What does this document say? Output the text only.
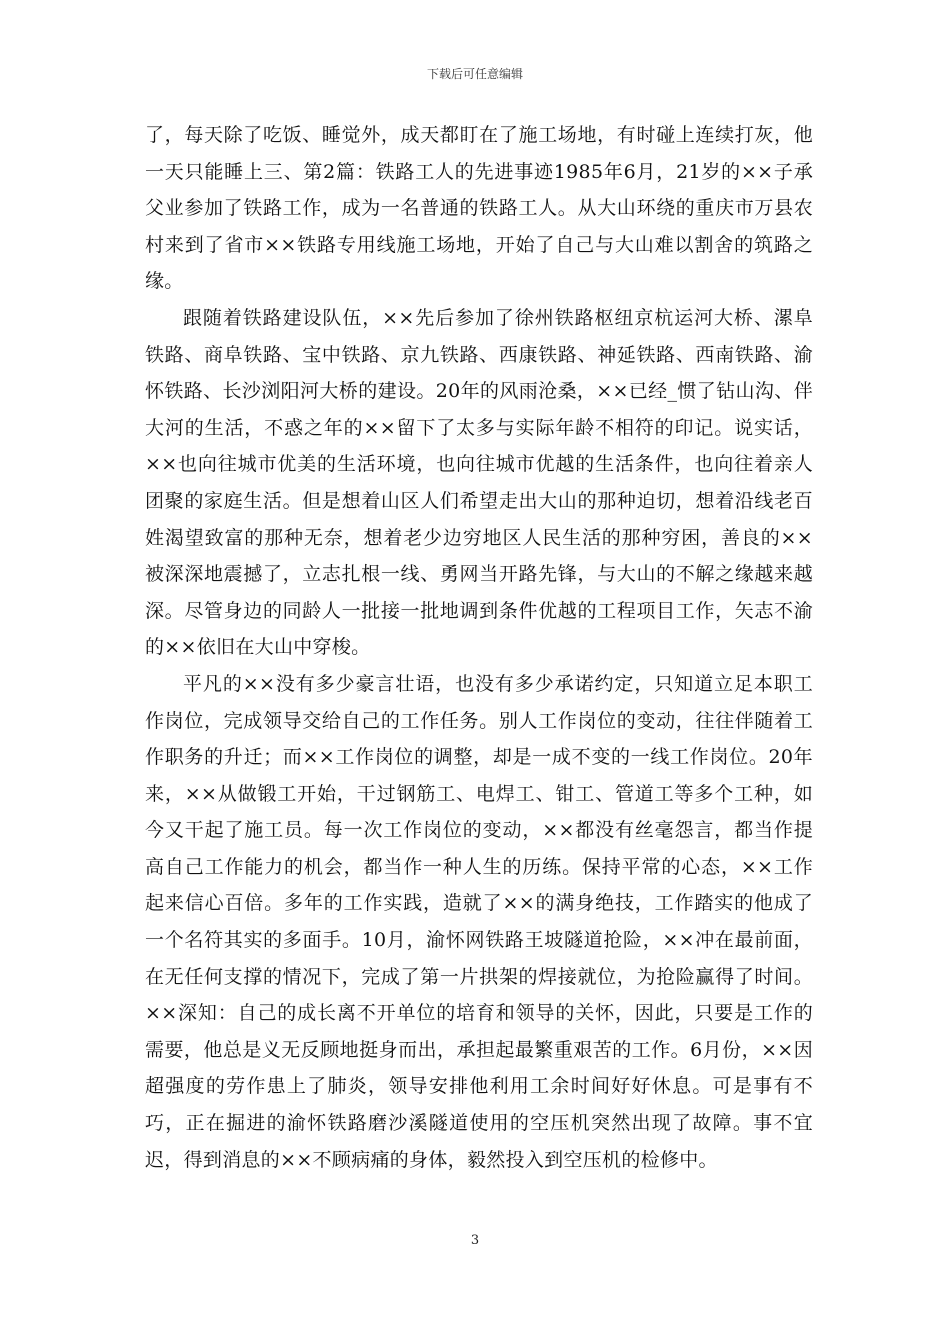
下载后可任意编辑

了，每天除了吃饭、睡觉外，成天都盯在了施工场地，有时碰上连续打灰，他一天只能睡上三、第2篇：铁路工人的先进事迹1985年6月，21岁的××子承父业参加了铁路工作，成为一名普通的铁路工人。从大山环绕的重庆市万县农村来到了省市××铁路专用线施工场地，开始了自己与大山难以割舍的筑路之缘。

跟随着铁路建设队伍，××先后参加了徐州铁路枢纽京杭运河大桥、漯阜铁路、商阜铁路、宝中铁路、京九铁路、西康铁路、神延铁路、西南铁路、渝怀铁路、长沙浏阳河大桥的建设。20年的风雨沧桑，××已经_惯了钻山沟、伴大河的生活，不惑之年的××留下了太多与实际年龄不相符的印记。说实话，××也向往城市优美的生活环境，也向往城市优越的生活条件，也向往着亲人团聚的家庭生活。但是想着山区人们希望走出大山的那种迫切，想着沿线老百姓渴望致富的那种无奈，想着老少边穷地区人民生活的那种穷困，善良的××被深深地震撼了，立志扎根一线、勇网当开路先锋，与大山的不解之缘越来越深。尽管身边的同龄人一批接一批地调到条件优越的工程项目工作，矢志不渝的××依旧在大山中穿梭。

平凡的××没有多少豪言壮语，也没有多少承诺约定，只知道立足本职工作岗位，完成领导交给自己的工作任务。别人工作岗位的变动，往往伴随着工作职务的升迁；而××工作岗位的调整，却是一成不变的一线工作岗位。20年来，××从做锻工开始，干过钢筋工、电焊工、钳工、管道工等多个工种，如今又干起了施工员。每一次工作岗位的变动，××都没有丝毫怨言，都当作提高自己工作能力的机会，都当作一种人生的历练。保持平常的心态，××工作起来信心百倍。多年的工作实践，造就了××的满身绝技，工作踏实的他成了一个名符其实的多面手。10月，渝怀网铁路王坡隧道抢险，××冲在最前面，在无任何支撑的情况下，完成了第一片拱架的焊接就位，为抢险赢得了时间。××深知：自己的成长离不开单位的培育和领导的关怀，因此，只要是工作的需要，他总是义无反顾地挺身而出，承担起最繁重艰苦的工作。6月份，××因超强度的劳作患上了肺炎，领导安排他利用工余时间好好休息。可是事有不巧，正在掘进的渝怀铁路磨沙溪隧道使用的空压机突然出现了故障。事不宜迟，得到消息的××不顾病痛的身体，毅然投入到空压机的检修中。

3
